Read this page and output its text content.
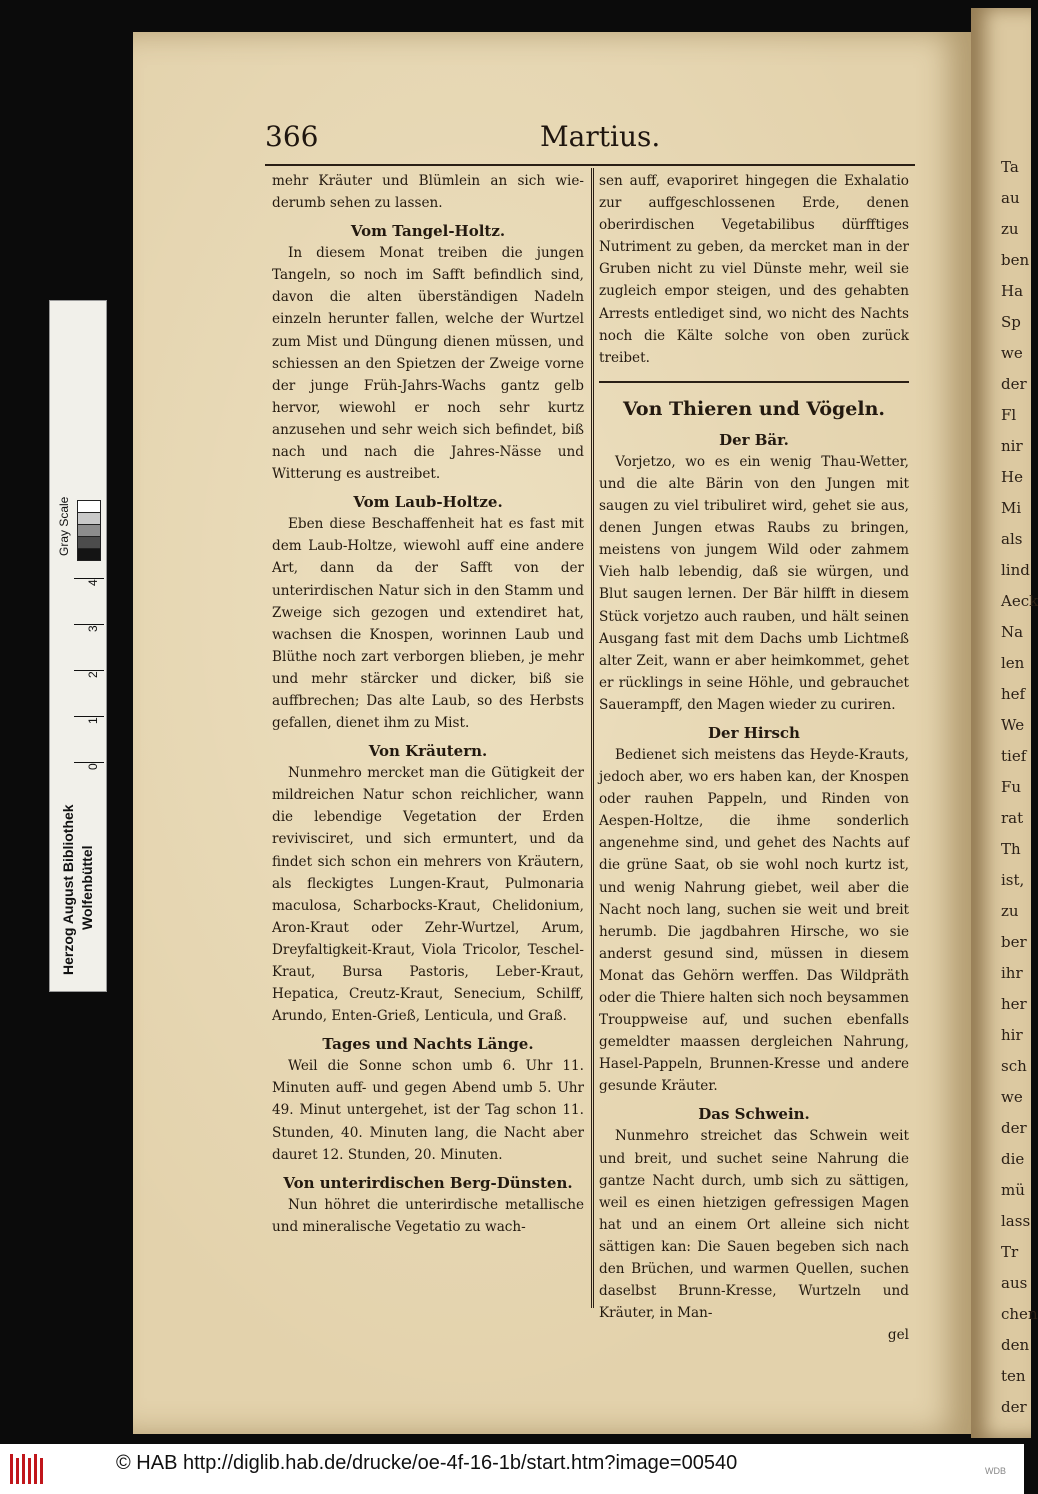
Ta
au
zu
ben
Ha
Sp
we
der
Fl
nir
He
Mi
als
lind
Aeck
Na
len
hef
We
tief
Fu
rat
Th
ist,
zu
ber
ihr
her
hir
sch
we
der
die
mü
lass
Tr
aus
chen
den
ten
der
366	Martius.

mehr Kräuter und Blümlein an sich wie-derumb sehen zu lassen.

Vom Tangel-Holtz.

In diesem Monat treiben die jungen Tangeln, so noch im Safft befindlich sind, davon die alten überständigen Nadeln einzeln herunter fallen, welche der Wurtzel zum Mist und Düngung dienen müssen, und schiessen an den Spietzen der Zweige vorne der junge Früh-Jahrs-Wachs gantz gelb hervor, wiewohl er noch sehr kurtz anzusehen und sehr weich sich befindet, biß nach und nach die Jahres-Nässe und Witterung es austreibet.

Vom Laub-Holtze.

Eben diese Beschaffenheit hat es fast mit dem Laub-Holtze, wiewohl auff eine andere Art, dann da der Safft von der unterirdischen Natur sich in den Stamm und Zweige sich gezogen und extendiret hat, wachsen die Knospen, worinnen Laub und Blüthe noch zart verborgen blieben, je mehr und mehr stärcker und dicker, biß sie auffbrechen; Das alte Laub, so des Herbsts gefallen, dienet ihm zu Mist.

Von Kräutern.

Nunmehro mercket man die Gütigkeit der mildreichen Natur schon reichlicher, wann die lebendige Vegetation der Erden revivisciret, und sich ermuntert, und da findet sich schon ein mehrers von Kräutern, als fleckigtes Lungen-Kraut, Pulmonaria maculosa, Scharbocks-Kraut, Chelidonium, Aron-Kraut oder Zehr-Wurtzel, Arum, Dreyfaltigkeit-Kraut, Viola Tricolor, Teschel-Kraut, Bursa Pastoris, Leber-Kraut, Hepatica, Creutz-Kraut, Senecium, Schilff, Arundo, Enten-Grieß, Lenticula, und Graß.

Tages und Nachts Länge.

Weil die Sonne schon umb 6. Uhr 11. Minuten auff- und gegen Abend umb 5. Uhr 49. Minut untergehet, ist der Tag schon 11. Stunden, 40. Minuten lang, die Nacht aber dauret 12. Stunden, 20. Minuten.

Von unterirdischen Berg-Dünsten.

Nun höhret die unterirdische metallische und mineralische Vegetatio zu wach-

sen auff, evaporiret hingegen die Exhalatio zur auffgeschlossenen Erde, denen oberirdischen Vegetabilibus dürfftiges Nutriment zu geben, da mercket man in der Gruben nicht zu viel Dünste mehr, weil sie zugleich empor steigen, und des gehabten Arrests entlediget sind, wo nicht des Nachts noch die Kälte solche von oben zurück treibet.

Von Thieren und Vögeln.
Der Bär.

Vorjetzo, wo es ein wenig Thau-Wetter, und die alte Bärin von den Jungen mit saugen zu viel tribuliret wird, gehet sie aus, denen Jungen etwas Raubs zu bringen, meistens von jungem Wild oder zahmem Vieh halb lebendig, daß sie würgen, und Blut saugen lernen. Der Bär hilfft in diesem Stück vorjetzo auch rauben, und hält seinen Ausgang fast mit dem Dachs umb Lichtmeß alter Zeit, wann er aber heimkommet, gehet er rücklings in seine Höhle, und gebrauchet Sauerampff, den Magen wieder zu curiren.

Der Hirsch

Bedienet sich meistens das Heyde-Krauts, jedoch aber, wo ers haben kan, der Knospen oder rauhen Pappeln, und Rinden von Aespen-Holtze, die ihme sonderlich angenehme sind, und gehet des Nachts auf die grüne Saat, ob sie wohl noch kurtz ist, und wenig Nahrung giebet, weil aber die Nacht noch lang, suchen sie weit und breit herumb. Die jagdbahren Hirsche, wo sie anderst gesund sind, müssen in diesem Monat das Gehörn werffen. Das Wildpräth oder die Thiere halten sich noch beysammen Trouppweise auf, und suchen ebenfalls gemeldter maassen dergleichen Nahrung, Hasel-Pappeln, Brunnen-Kresse und andere gesunde Kräuter.

Das Schwein.

Nunmehro streichet das Schwein weit und breit, und suchet seine Nahrung die gantze Nacht durch, umb sich zu sättigen, weil es einen hietzigen gefressigen Magen hat und an einem Ort alleine sich nicht sättigen kan: Die Sauen begeben sich nach den Brüchen, und warmen Quellen, suchen daselbst Brunn-Kresse, Wurtzeln und Kräuter, in Man-

gel

Herzog August Bibliothek Wolfenbüttel
Gray Scale
0
1
2
3
4
© HAB http://diglib.hab.de/drucke/oe-4f-16-1b/start.htm?image=00540	WDB
